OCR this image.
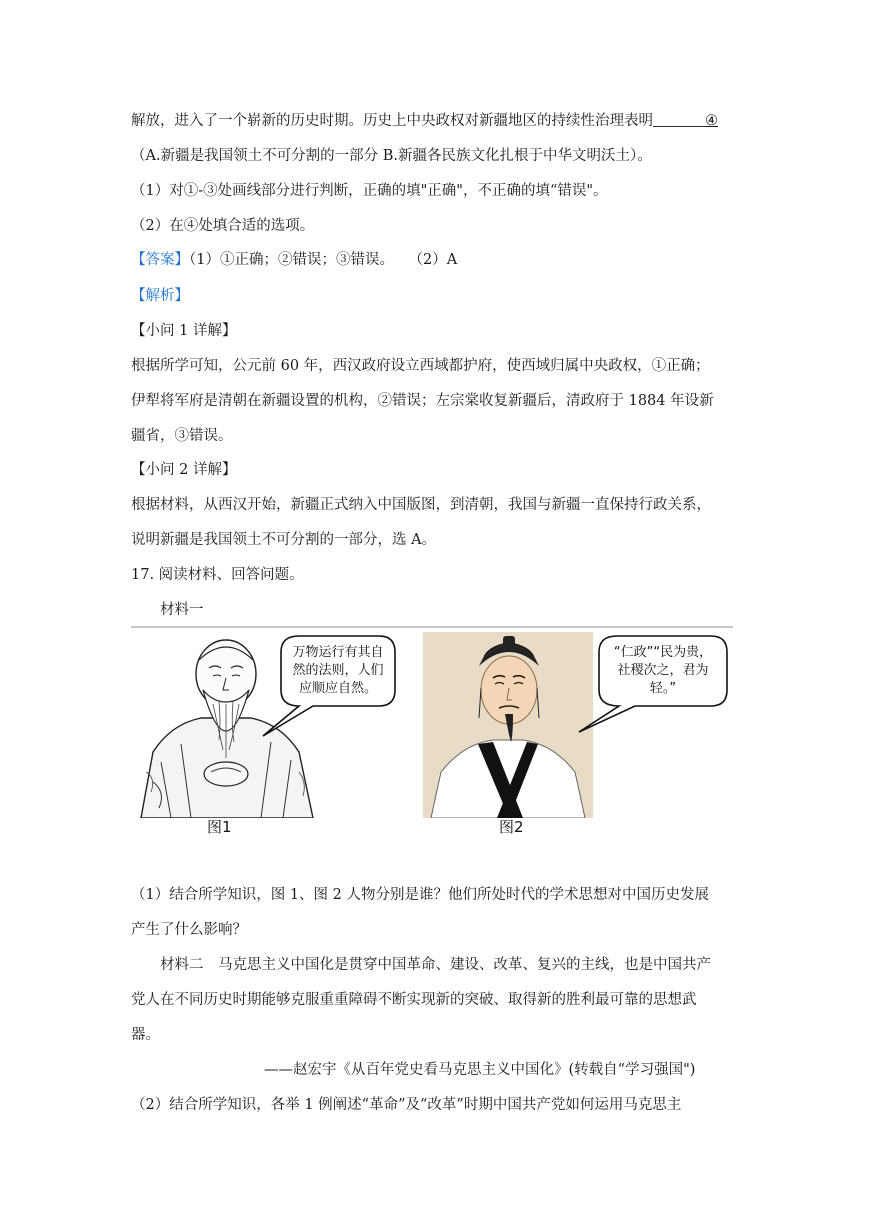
解放，进入了一个崭新的历史时期。历史上中央政权对新疆地区的持续性治理表明	④
（A.新疆是我国领土不可分割的一部分 B.新疆各民族文化扎根于中华文明沃土）。
（1）对①-③处画线部分进行判断，正确的填"正确"，不正确的填“错误"。
（2）在④处填合适的选项。
【答案】（1）①正确；②错误；③错误。　　（2）A
【解析】
【小问 1 详解】
根据所学可知，公元前 60 年，西汉政府设立西域都护府，使西域归属中央政权，①正确；
伊犁将军府是清朝在新疆设置的机构，②错误；左宗棠收复新疆后，清政府于 1884 年设新
疆省，③错误。
【小问 2 详解】
根据材料，从西汉开始，新疆正式纳入中国版图，到清朝，我国与新疆一直保持行政关系，
说明新疆是我国领土不可分割的一部分，选 A。
17. 阅读材料、回答问题。
材料一
万物运行有其自
然的法则，人们
应顺应自然。
“仁政”“民为贵，
社稷次之，君为
轻。”
图1	图2
（1）结合所学知识，图 1、图 2 人物分别是谁？他们所处时代的学术思想对中国历史发展
产生了什么影响？
材料二　马克思主义中国化是贯穿中国革命、建设、改革、复兴的主线，也是中国共产
党人在不同历史时期能够克服重重障碍不断实现新的突破、取得新的胜利最可靠的思想武
器。
——赵宏宇《从百年党史看马克思主义中国化》(转载自“学习强国")
（2）结合所学知识，各举 1 例阐述“革命”及“改革”时期中国共产党如何运用马克思主
